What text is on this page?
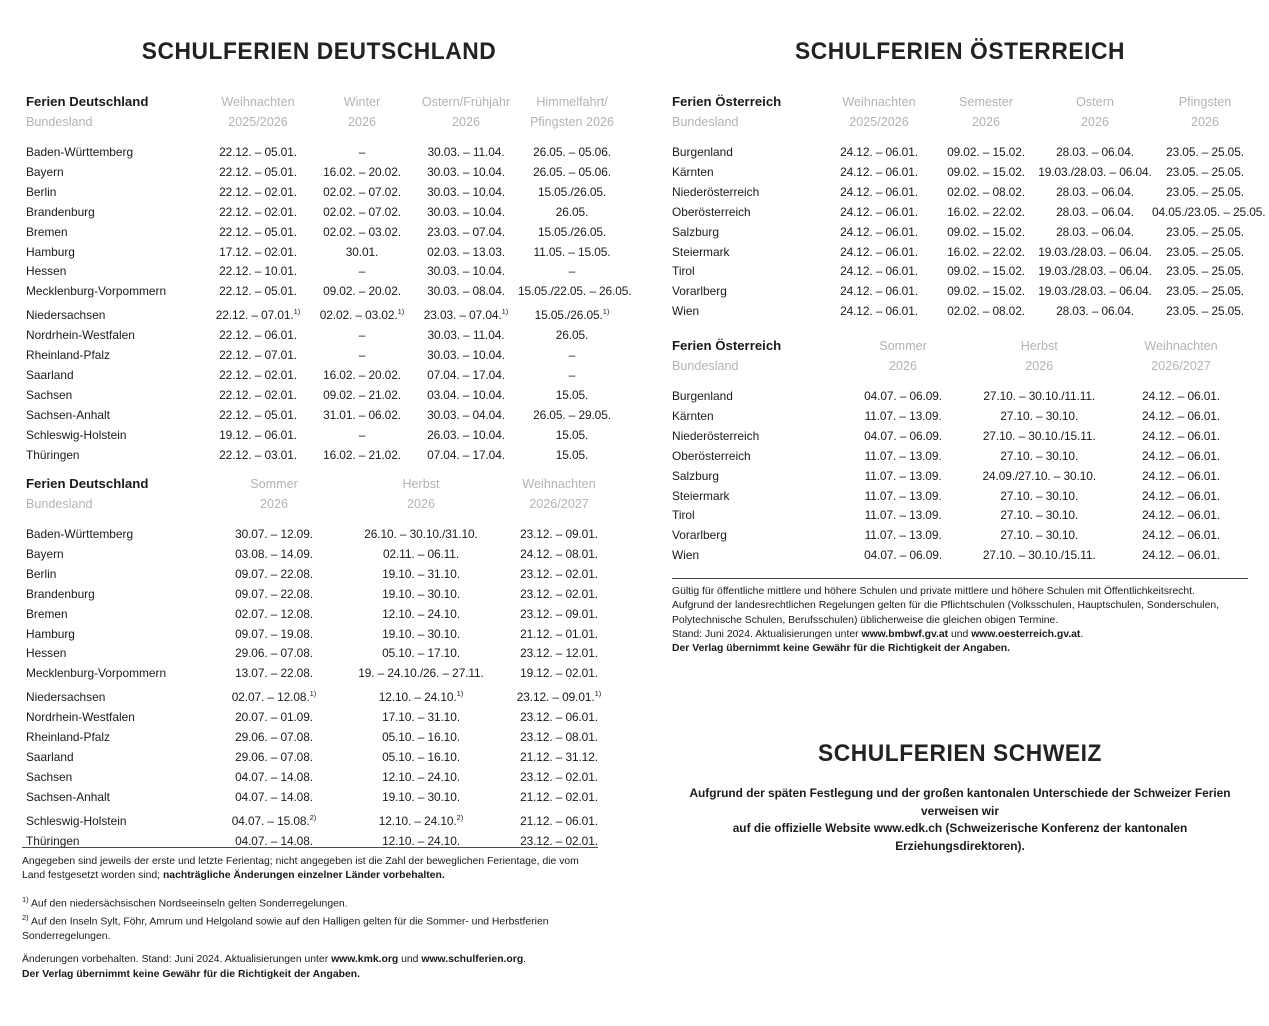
SCHULFERIEN DEUTSCHLAND	SCHULFERIEN ÖSTERREICH
SCHULFERIEN SCHWEIZ
Ferien Deutschland	Weihnachten	Winter	Ostern/Frühjahr	Himmelfahrt/
Bundesland	2025/2026	2026	2026	Pfingsten 2026

Baden-Württemberg	22.12. – 05.01.	–	30.03. – 11.04.	26.05. – 05.06.
Bayern	22.12. – 05.01.	16.02. – 20.02.	30.03. – 10.04.	26.05. – 05.06.
Berlin	22.12. – 02.01.	02.02. – 07.02.	30.03. – 10.04.	15.05./26.05.
Brandenburg	22.12. – 02.01.	02.02. – 07.02.	30.03. – 10.04.	26.05.
Bremen	22.12. – 05.01.	02.02. – 03.02.	23.03. – 07.04.	15.05./26.05.
Hamburg	17.12. – 02.01.	30.01.	02.03. – 13.03.	11.05. – 15.05.
Hessen	22.12. – 10.01.	–	30.03. – 10.04.	–
Mecklenburg-Vorpommern	22.12. – 05.01.	09.02. – 20.02.	30.03. – 08.04.	15.05./22.05. – 26.05.
Niedersachsen	22.12. – 07.01.$^{1)}$	02.02. – 03.02.$^{1)}$	23.03. – 07.04.$^{1)}$	15.05./26.05.$^{1)}$
Nordrhein-Westfalen	22.12. – 06.01.	–	30.03. – 11.04.	26.05.
Rheinland-Pfalz	22.12. – 07.01.	–	30.03. – 10.04.	–
Saarland	22.12. – 02.01.	16.02. – 20.02.	07.04. – 17.04.	–
Sachsen	22.12. – 02.01.	09.02. – 21.02.	03.04. – 10.04.	15.05.
Sachsen-Anhalt	22.12. – 05.01.	31.01. – 06.02.	30.03. – 04.04.	26.05. – 29.05.
Schleswig-Holstein	19.12. – 06.01.	–	26.03. – 10.04.	15.05.
Thüringen	22.12. – 03.01.	16.02. – 21.02.	07.04. – 17.04.	15.05.
Ferien Deutschland	Sommer	Herbst	Weihnachten
Bundesland	2026	2026	2026/2027

Baden-Württemberg	30.07. – 12.09.	26.10. – 30.10./31.10.	23.12. – 09.01.
Bayern	03.08. – 14.09.	02.11. – 06.11.	24.12. – 08.01.
Berlin	09.07. – 22.08.	19.10. – 31.10.	23.12. – 02.01.
Brandenburg	09.07. – 22.08.	19.10. – 30.10.	23.12. – 02.01.
Bremen	02.07. – 12.08.	12.10. – 24.10.	23.12. – 09.01.
Hamburg	09.07. – 19.08.	19.10. – 30.10.	21.12. – 01.01.
Hessen	29.06. – 07.08.	05.10. – 17.10.	23.12. – 12.01.
Mecklenburg-Vorpommern	13.07. – 22.08.	19. – 24.10./26. – 27.11.	19.12. – 02.01.
Niedersachsen	02.07. – 12.08.$^{1)}$	12.10. – 24.10.$^{1)}$	23.12. – 09.01.$^{1)}$
Nordrhein-Westfalen	20.07. – 01.09.	17.10. – 31.10.	23.12. – 06.01.
Rheinland-Pfalz	29.06. – 07.08.	05.10. – 16.10.	23.12. – 08.01.
Saarland	29.06. – 07.08.	05.10. – 16.10.	21.12. – 31.12.
Sachsen	04.07. – 14.08.	12.10. – 24.10.	23.12. – 02.01.
Sachsen-Anhalt	04.07. – 14.08.	19.10. – 30.10.	21.12. – 02.01.
Schleswig-Holstein	04.07. – 15.08.$^{2)}$	12.10. – 24.10.$^{2)}$	21.12. – 06.01.
Thüringen	04.07. – 14.08.	12.10. – 24.10.	23.12. – 02.01.
Ferien Österreich	Weihnachten	Semester	Ostern	Pfingsten
Bundesland	2025/2026	2026	2026	2026

Burgenland	24.12. – 06.01.	09.02. – 15.02.	28.03. – 06.04.	23.05. – 25.05.
Kärnten	24.12. – 06.01.	09.02. – 15.02.	19.03./28.03. – 06.04.	23.05. – 25.05.
Niederösterreich	24.12. – 06.01.	02.02. – 08.02.	28.03. – 06.04.	23.05. – 25.05.
Oberösterreich	24.12. – 06.01.	16.02. – 22.02.	28.03. – 06.04.	04.05./23.05. – 25.05.
Salzburg	24.12. – 06.01.	09.02. – 15.02.	28.03. – 06.04.	23.05. – 25.05.
Steiermark	24.12. – 06.01.	16.02. – 22.02.	19.03./28.03. – 06.04.	23.05. – 25.05.
Tirol	24.12. – 06.01.	09.02. – 15.02.	19.03./28.03. – 06.04.	23.05. – 25.05.
Vorarlberg	24.12. – 06.01.	09.02. – 15.02.	19.03./28.03. – 06.04.	23.05. – 25.05.
Wien	24.12. – 06.01.	02.02. – 08.02.	28.03. – 06.04.	23.05. – 25.05.
Ferien Österreich	Sommer	Herbst	Weihnachten
Bundesland	2026	2026	2026/2027

Burgenland	04.07. – 06.09.	27.10. – 30.10./11.11.	24.12. – 06.01.
Kärnten	11.07. – 13.09.	27.10. – 30.10.	24.12. – 06.01.
Niederösterreich	04.07. – 06.09.	27.10. – 30.10./15.11.	24.12. – 06.01.
Oberösterreich	11.07. – 13.09.	27.10. – 30.10.	24.12. – 06.01.
Salzburg	11.07. – 13.09.	24.09./27.10. – 30.10.	24.12. – 06.01.
Steiermark	11.07. – 13.09.	27.10. – 30.10.	24.12. – 06.01.
Tirol	11.07. – 13.09.	27.10. – 30.10.	24.12. – 06.01.
Vorarlberg	11.07. – 13.09.	27.10. – 30.10.	24.12. – 06.01.
Wien	04.07. – 06.09.	27.10. – 30.10./15.11.	24.12. – 06.01.

Angegeben sind jeweils der erste und letzte Ferientag; nicht angegeben ist die Zahl der beweglichen Ferientage, die vom Land festgesetzt worden sind; nachträgliche Änderungen einzelner Länder vorbehalten.

$^{1)}$ Auf den niedersächsischen Nordseeinseln gelten Sonderregelungen.

$^{2)}$ Auf den Inseln Sylt, Föhr, Amrum und Helgoland sowie auf den Halligen gelten für die Sommer- und Herbstferien Sonderregelungen.

Änderungen vorbehalten. Stand: Juni 2024. Aktualisierungen unter www.kmk.org und www.schulferien.org.

Der Verlag übernimmt keine Gewähr für die Richtigkeit der Angaben.

Gültig für öffentliche mittlere und höhere Schulen und private mittlere und höhere Schulen mit Öffentlichkeitsrecht.

Aufgrund der landesrechtlichen Regelungen gelten für die Pflichtschulen (Volksschulen, Hauptschulen, Sonderschulen, Polytechnische Schulen, Berufsschulen) üblicherweise die gleichen obigen Termine.

Stand: Juni 2024. Aktualisierungen unter www.bmbwf.gv.at und www.oesterreich.gv.at.

Der Verlag übernimmt keine Gewähr für die Richtigkeit der Angaben.

Aufgrund der späten Festlegung und der großen kantonalen Unterschiede der Schweizer Ferien verweisen wir
auf die offizielle Website www.edk.ch (Schweizerische Konferenz der kantonalen Erziehungsdirektoren).
